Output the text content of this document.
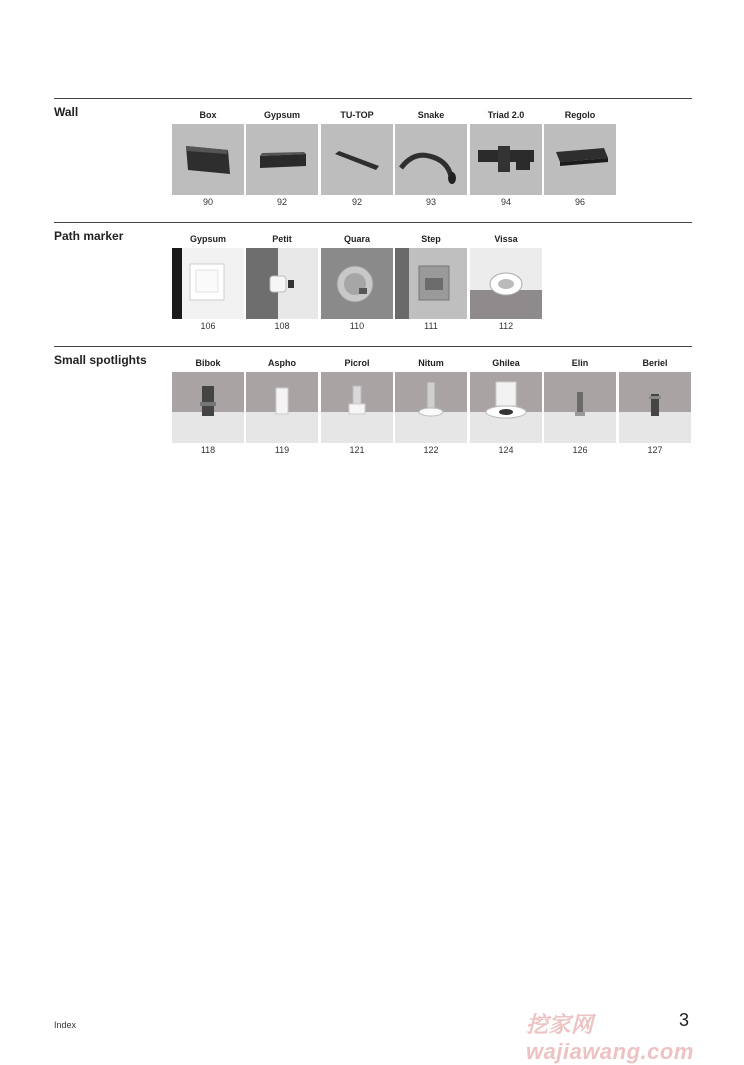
Wall	Box
90
Gypsum
92
TU-TOP
92
Snake
93
Triad 2.0
94
Regolo
96
Path marker	Gypsum
106
Petit
108
Quara
110
Step
111
Vissa
112
Small spotlights	Bibok
118
Aspho
119
Picrol
121
Nitum
122
Ghilea
124
Elin
126
Beriel
127
Index	挖家网 wajiawang.com
3
